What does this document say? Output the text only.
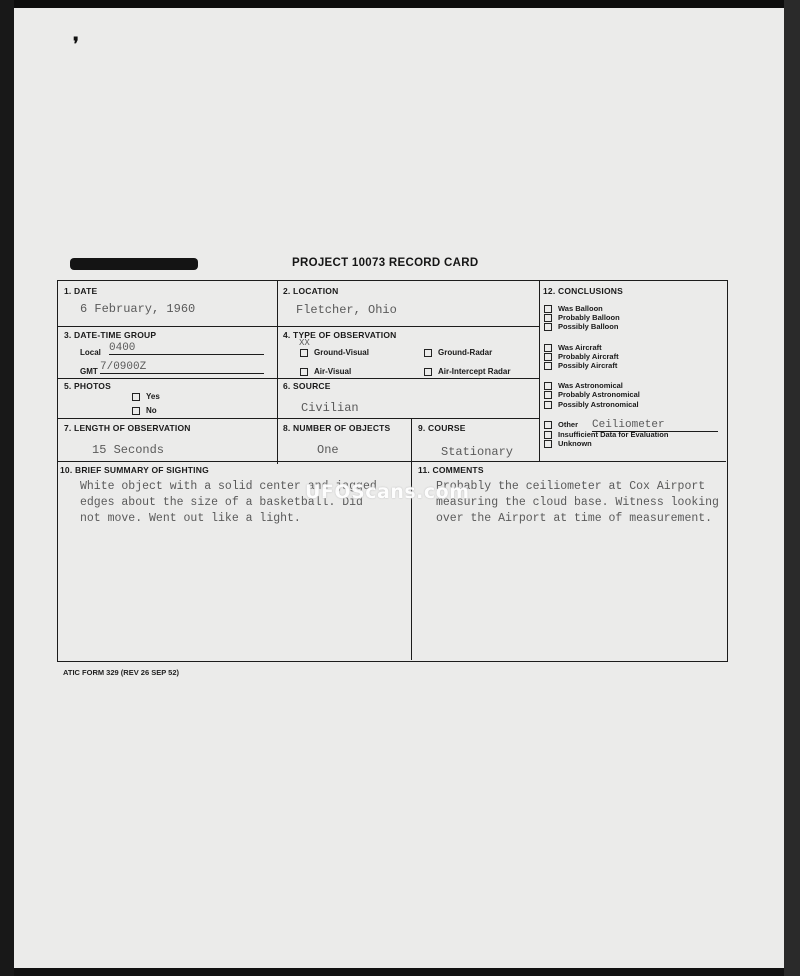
❜
PROJECT 10073 RECORD CARD
1. DATE
6 February, 1960
2. LOCATION
Fletcher, Ohio
3. DATE-TIME GROUP
Local 0400
GMT 7/0900Z
4. TYPE OF OBSERVATION
Ground-Visual
XX
Ground-Radar
Air-Visual	Air-Intercept Radar
5. PHOTOS
Yes
No
6. SOURCE
Civilian
7. LENGTH OF OBSERVATION
15 Seconds
8. NUMBER OF OBJECTS
One
9. COURSE
Stationary
10. BRIEF SUMMARY OF SIGHTING
White object with a solid center and jagged
edges about the size of a basketball. Did
not move. Went out like a light.
11. COMMENTS
Probably the ceiliometer at Cox Airport
measuring the cloud base. Witness looking
over the Airport at time of measurement.
12. CONCLUSIONS
Was Balloon
Probably Balloon
Possibly Balloon
Was Aircraft
Probably Aircraft
Possibly Aircraft
Was Astronomical
Probably Astronomical
Possibly Astronomical
Other
Insufficient Data for Evaluation
Unknown
Ceiliometer
ATIC FORM 329 (REV 26 SEP 52)
UFOScans.com
